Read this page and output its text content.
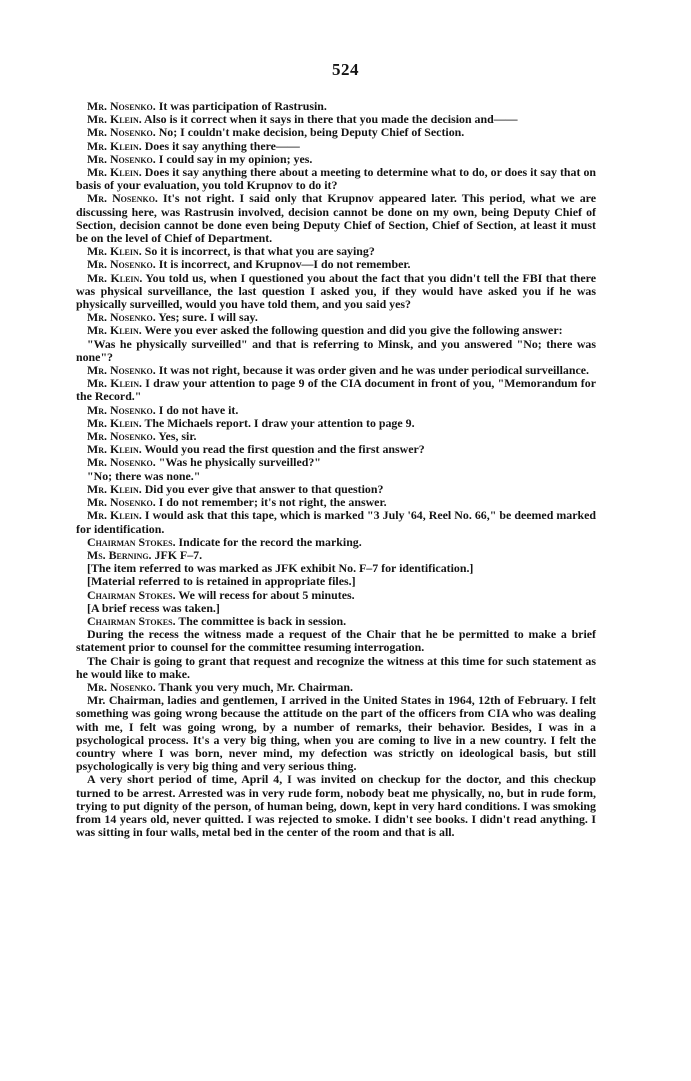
524

Mr. Nosenko. It was participation of Rastrusin.

Mr. Klein. Also is it correct when it says in there that you made the decision and——

Mr. Nosenko. No; I couldn't make decision, being Deputy Chief of Section.

Mr. Klein. Does it say anything there——

Mr. Nosenko. I could say in my opinion; yes.

Mr. Klein. Does it say anything there about a meeting to determine what to do, or does it say that on basis of your evaluation, you told Krupnov to do it?

Mr. Nosenko. It's not right. I said only that Krupnov appeared later. This period, what we are discussing here, was Rastrusin involved, decision cannot be done on my own, being Deputy Chief of Section, decision cannot be done even being Deputy Chief of Section, Chief of Section, at least it must be on the level of Chief of Department.

Mr. Klein. So it is incorrect, is that what you are saying?

Mr. Nosenko. It is incorrect, and Krupnov—I do not remember.

Mr. Klein. You told us, when I questioned you about the fact that you didn't tell the FBI that there was physical surveillance, the last question I asked you, if they would have asked you if he was physically surveilled, would you have told them, and you said yes?

Mr. Nosenko. Yes; sure. I will say.

Mr. Klein. Were you ever asked the following question and did you give the following answer:

"Was he physically surveilled" and that is referring to Minsk, and you answered "No; there was none"?

Mr. Nosenko. It was not right, because it was order given and he was under periodical surveillance.

Mr. Klein. I draw your attention to page 9 of the CIA document in front of you, "Memorandum for the Record."

Mr. Nosenko. I do not have it.

Mr. Klein. The Michaels report. I draw your attention to page 9.

Mr. Nosenko. Yes, sir.

Mr. Klein. Would you read the first question and the first answer?

Mr. Nosenko. "Was he physically surveilled?"

"No; there was none."

Mr. Klein. Did you ever give that answer to that question?

Mr. Nosenko. I do not remember; it's not right, the answer.

Mr. Klein. I would ask that this tape, which is marked "3 July '64, Reel No. 66," be deemed marked for identification.

Chairman Stokes. Indicate for the record the marking.

Ms. Berning. JFK F–7.

[The item referred to was marked as JFK exhibit No. F–7 for identification.]

[Material referred to is retained in appropriate files.]

Chairman Stokes. We will recess for about 5 minutes.

[A brief recess was taken.]

Chairman Stokes. The committee is back in session.

During the recess the witness made a request of the Chair that he be permitted to make a brief statement prior to counsel for the committee resuming interrogation.

The Chair is going to grant that request and recognize the witness at this time for such statement as he would like to make.

Mr. Nosenko. Thank you very much, Mr. Chairman.

Mr. Chairman, ladies and gentlemen, I arrived in the United States in 1964, 12th of February. I felt something was going wrong because the attitude on the part of the officers from CIA who was dealing with me, I felt was going wrong, by a number of remarks, their behavior. Besides, I was in a psychological process. It's a very big thing, when you are coming to live in a new country. I felt the country where I was born, never mind, my defection was strictly on ideological basis, but still psychologically is very big thing and very serious thing.

A very short period of time, April 4, I was invited on checkup for the doctor, and this checkup turned to be arrest. Arrested was in very rude form, nobody beat me physically, no, but in rude form, trying to put dignity of the person, of human being, down, kept in very hard conditions. I was smoking from 14 years old, never quitted. I was rejected to smoke. I didn't see books. I didn't read anything. I was sitting in four walls, metal bed in the center of the room and that is all.
